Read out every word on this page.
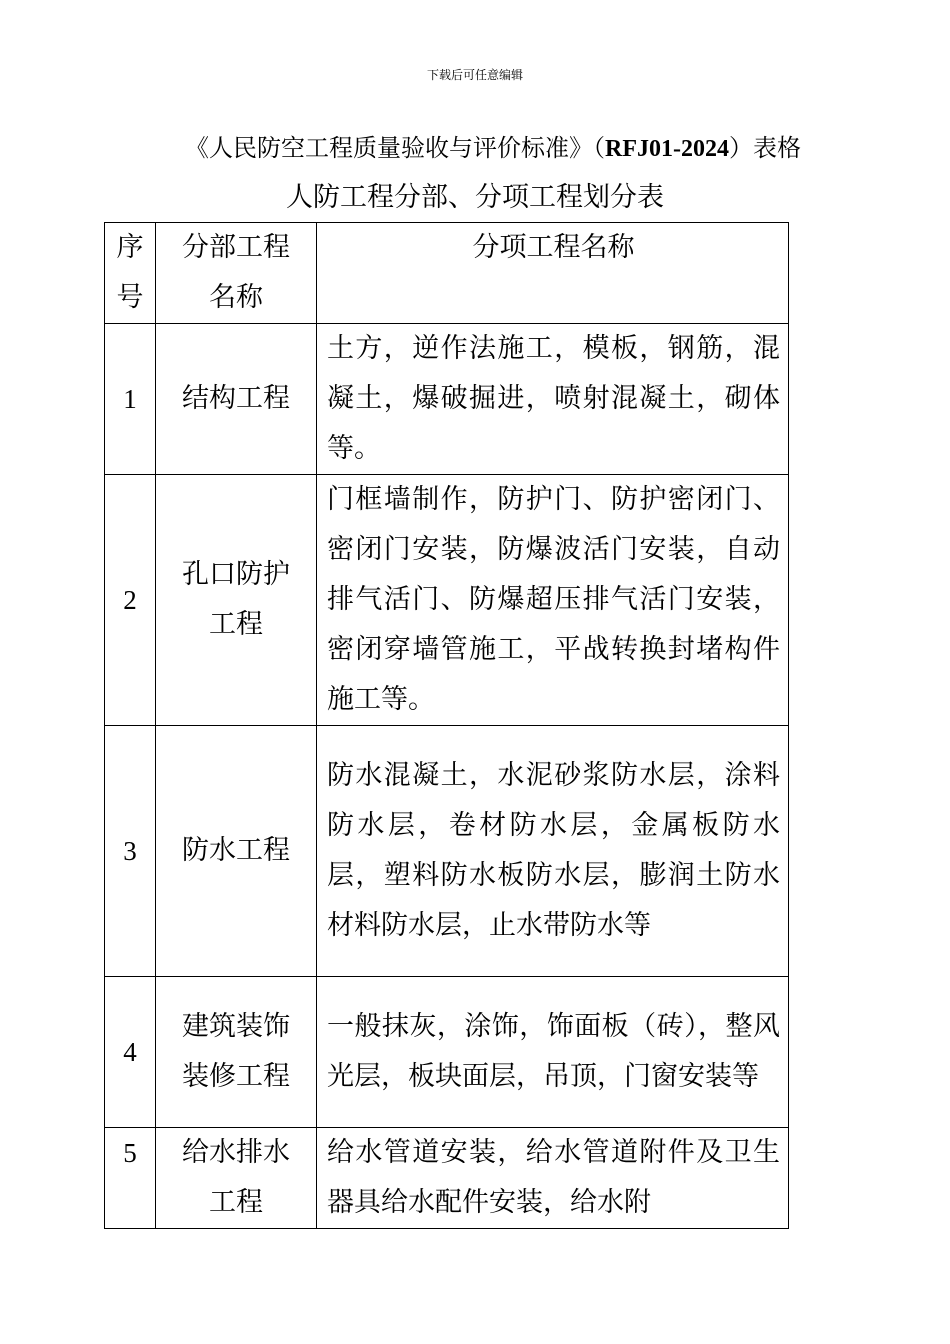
下载后可任意编辑
《人民防空工程质量验收与评价标准》（RFJ01-2024）表格
人防工程分部、分项工程划分表
序号	分部工程名称	分项工程名称
1	结构工程	土方，逆作法施工，模板，钢筋，混凝土，爆破掘进，喷射混凝土，砌体等。
2	孔口防护工程	门框墙制作，防护门、防护密闭门、密闭门安装，防爆波活门安装，自动排气活门、防爆超压排气活门安装，密闭穿墙管施工，平战转换封堵构件施工等。
3	防水工程	防水混凝土，水泥砂浆防水层，涂料防水层，卷材防水层，金属板防水层，塑料防水板防水层，膨润土防水材料防水层，止水带防水等
4	建筑装饰装修工程	一般抹灰，涂饰，饰面板（砖），整风光层，板块面层，吊顶，门窗安装等
5	给水排水工程	给水管道安装，给水管道附件及卫生器具给水配件安装，给水附
